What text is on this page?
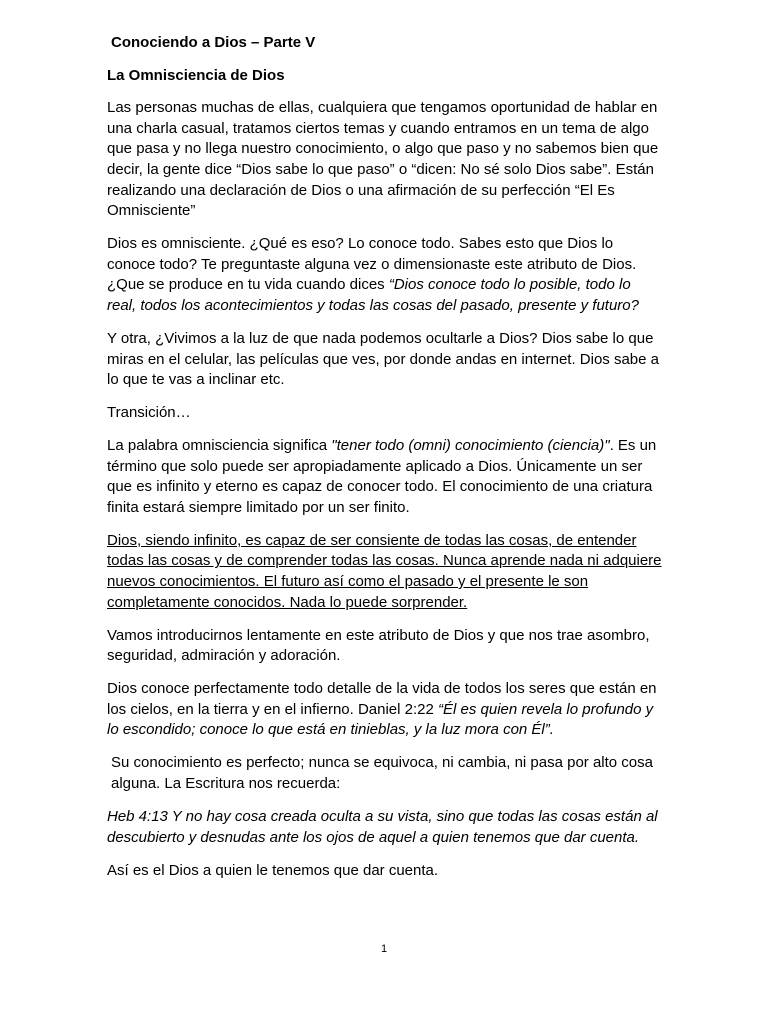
Conociendo a Dios – Parte V
La Omnisciencia de Dios

Las personas muchas de ellas, cualquiera que tengamos oportunidad de hablar en una charla casual, tratamos ciertos temas y cuando entramos en un tema de algo que pasa y no llega nuestro conocimiento, o algo que paso y no sabemos bien que decir, la gente dice “Dios sabe lo que paso” o “dicen: No sé solo Dios sabe”. Están realizando una declaración de Dios o una afirmación de su perfección “El Es Omnisciente”

Dios es omnisciente. ¿Qué es eso? Lo conoce todo. Sabes esto que Dios lo conoce todo? Te preguntaste alguna vez o dimensionaste este atributo de Dios. ¿Que se produce en tu vida cuando dices “Dios conoce todo lo posible, todo lo real, todos los acontecimientos y todas las cosas del pasado, presente y futuro?

Y otra, ¿Vivimos a la luz de que nada podemos ocultarle a Dios? Dios sabe lo que miras en el celular, las películas que ves, por donde andas en internet. Dios sabe a lo que te vas a inclinar etc.

Transición…

La palabra omnisciencia significa "tener todo (omni) conocimiento (ciencia)". Es un término que solo puede ser apropiadamente aplicado a Dios. Únicamente un ser que es infinito y eterno es capaz de conocer todo. El conocimiento de una criatura finita estará siempre limitado por un ser finito.

Dios, siendo infinito, es capaz de ser consiente de todas las cosas, de entender todas las cosas y de comprender todas las cosas. Nunca aprende nada ni adquiere nuevos conocimientos. El futuro así como el pasado y el presente le son completamente conocidos. Nada lo puede sorprender.

Vamos introducirnos lentamente en este atributo de Dios y que nos trae asombro, seguridad, admiración y adoración.

Dios conoce perfectamente todo detalle de la vida de todos los seres que están en los cielos, en la tierra y en el infierno. Daniel 2:22 “Él es quien revela lo profundo y lo escondido; conoce lo que está en tinieblas, y la luz mora con Él”.

Su conocimiento es perfecto; nunca se equivoca, ni cambia, ni pasa por alto cosa alguna. La Escritura nos recuerda:

Heb 4:13 Y no hay cosa creada oculta a su vista, sino que todas las cosas están al descubierto y desnudas ante los ojos de aquel a quien tenemos que dar cuenta.

Así es el Dios a quien le tenemos que dar cuenta.

1
